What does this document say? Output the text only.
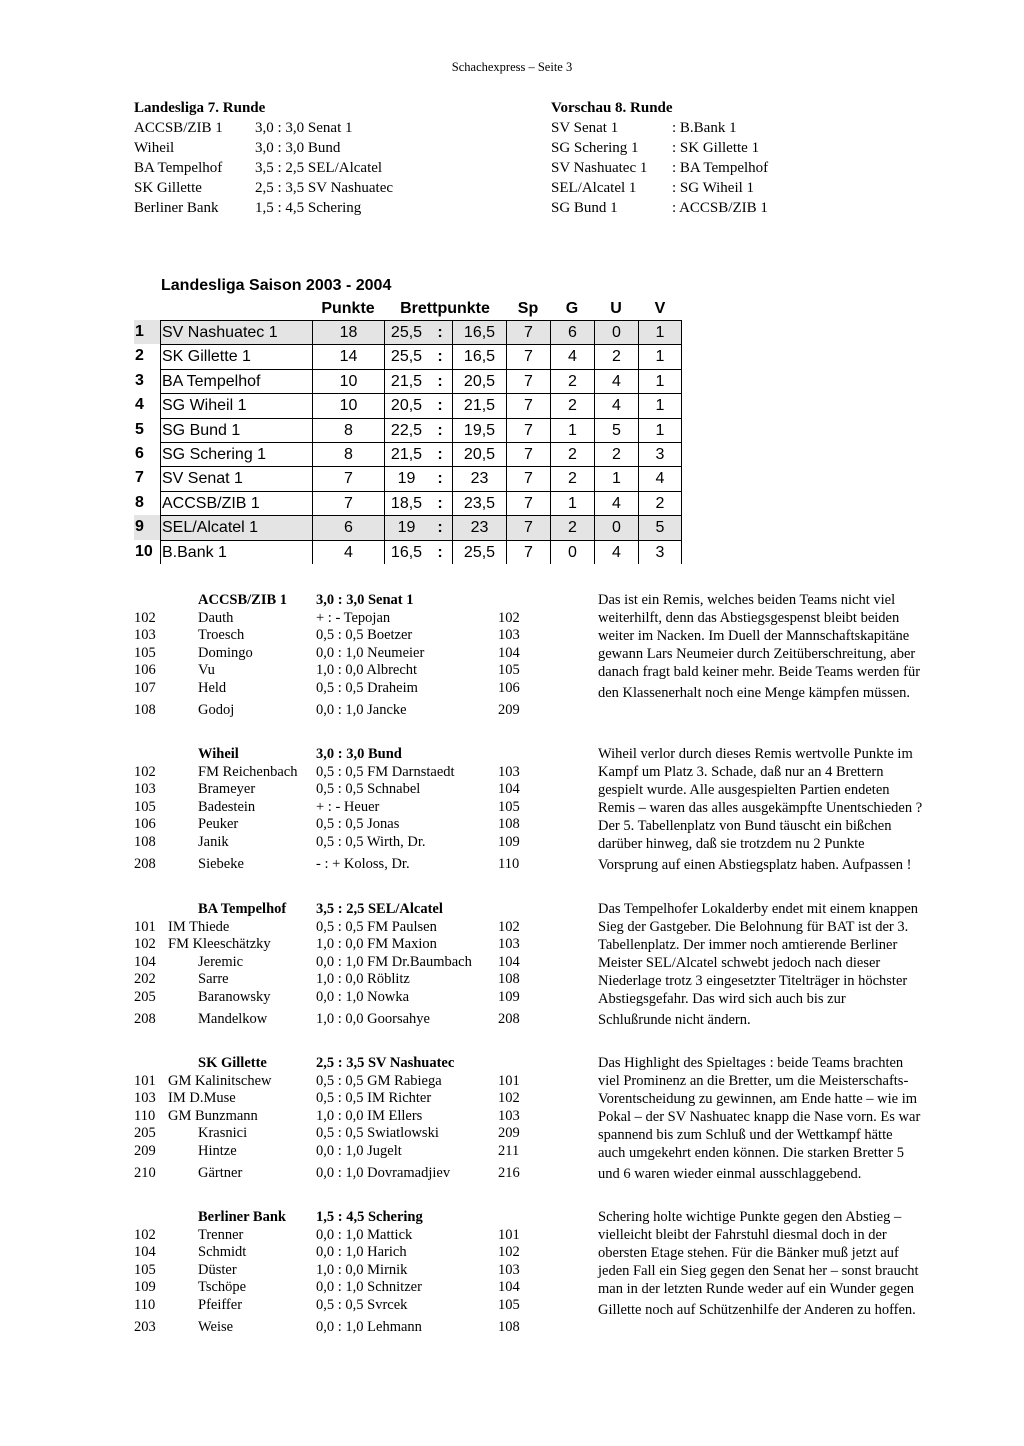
Schachexpress – Seite 3
Landesliga 7. Runde
ACCSB/ZIB 1 3,0 : 3,0 Senat 1
Wiheil	3,0 : 3,0 Bund
BA Tempelhof 3,5 : 2,5 SEL/Alcatel
SK Gillette	2,5 : 3,5 SV Nashuatec
Berliner Bank 1,5 : 4,5 Schering
Vorschau 8. Runde
SV Senat 1	: B.Bank 1
SG Schering 1 : SK Gillette 1
SV Nashuatec 1 : BA Tempelhof
SEL/Alcatel 1 : SG Wiheil 1
SG Bund 1	: ACCSB/ZIB 1
Landesliga Saison 2003 - 2004
Punkte	Brettpunkte	Sp	G	U	V
1	SV Nashuatec 1	18	25,5 :	16,5	7	6	0	1
2	SK Gillette 1	14	25,5 :	16,5	7	4	2	1
3	BA Tempelhof	10	21,5 :	20,5	7	2	4	1
4	SG Wiheil 1	10	20,5 :	21,5	7	2	4	1
5	SG Bund 1	8	22,5 :	19,5	7	1	5	1
6	SG Schering 1	8	21,5 :	20,5	7	2	2	3
7	SV Senat 1	7	19	:	23	7	2	1	4
8	ACCSB/ZIB 1	7	18,5 :	23,5	7	1	4	2
9	SEL/Alcatel 1	6	19	:	23	7	2	0	5
10 B.Bank 1	4	16,5 :	25,5	7	0	4	3
ACCSB/ZIB 1 3,0 : 3,0 Senat 1
102	Dauth	+ : - Tepojan	102
103	Troesch	0,5 : 0,5 Boetzer	103
105	Domingo	0,0 : 1,0 Neumeier	104
106	Vu	1,0 : 0,0 Albrecht	105
107	Held	0,5 : 0,5 Draheim	106
108	Godoj	0,0 : 1,0 Jancke	209
Das ist ein Remis, welches beiden Teams nicht viel
weiterhilft, denn das Abstiegsgespenst bleibt beiden
weiter im Nacken. Im Duell der Mannschaftskapitäne
gewann Lars Neumeier durch Zeitüberschreitung, aber
danach fragt bald keiner mehr. Beide Teams werden für
den Klassenerhalt noch eine Menge kämpfen müssen.
Wiheil	3,0 : 3,0 Bund
102	FM Reichenbach 0,5 : 0,5 FM Darnstaedt	103
103	Brameyer	0,5 : 0,5 Schnabel	104
105	Badestein	+ : - Heuer	105
106	Peuker	0,5 : 0,5 Jonas	108
108	Janik	0,5 : 0,5 Wirth, Dr.	109
208	Siebeke	- : + Koloss, Dr.	110
Wiheil verlor durch dieses Remis wertvolle Punkte im
Kampf um Platz 3. Schade, daß nur an 4 Brettern
gespielt wurde. Alle ausgespielten Partien endeten
Remis – waren das alles ausgekämpfte Unentschieden ?
Der 5. Tabellenplatz von Bund täuscht ein bißchen
darüber hinweg, daß sie trotzdem nu 2 Punkte
Vorsprung auf einen Abstiegsplatz haben. Aufpassen !
BA Tempelhof 3,5 : 2,5 SEL/Alcatel
101 IM Thiede	0,5 : 0,5 FM Paulsen	102
102 FM Kleeschätzky	1,0 : 0,0 FM Maxion	103
104	Jeremic	0,0 : 1,0 FM Dr.Baumbach 104
202	Sarre	1,0 : 0,0 Röblitz	108
205	Baranowsky	0,0 : 1,0 Nowka	109
208	Mandelkow	1,0 : 0,0 Goorsahye	208
Das Tempelhofer Lokalderby endet mit einem knappen
Sieg der Gastgeber. Die Belohnung für BAT ist der 3.
Tabellenplatz. Der immer noch amtierende Berliner
Meister SEL/Alcatel schwebt jedoch nach dieser
Niederlage trotz 3 eingesetzter Titelträger in höchster
Abstiegsgefahr. Das wird sich auch bis zur
Schlußrunde nicht ändern.
SK Gillette	2,5 : 3,5 SV Nashuatec
101 GM Kalinitschew	0,5 : 0,5 GM Rabiega	101
103 IM D.Muse	0,5 : 0,5 IM Richter	102
110 GM Bunzmann	1,0 : 0,0 IM Ellers	103
205	Krasnici	0,5 : 0,5 Swiatlowski	209
209	Hintze	0,0 : 1,0 Jugelt	211
210	Gärtner	0,0 : 1,0 Dovramadjiev	216
Das Highlight des Spieltages : beide Teams brachten
viel Prominenz an die Bretter, um die Meisterschafts-
Vorentscheidung zu gewinnen, am Ende hatte – wie im
Pokal – der SV Nashuatec knapp die Nase vorn. Es war
spannend bis zum Schluß und der Wettkampf hätte
auch umgekehrt enden können. Die starken Bretter 5
und 6 waren wieder einmal ausschlaggebend.
Berliner Bank 1,5 : 4,5 Schering
102	Trenner	0,0 : 1,0 Mattick	101
104	Schmidt	0,0 : 1,0 Harich	102
105	Düster	1,0 : 0,0 Mirnik	103
109	Tschöpe	0,0 : 1,0 Schnitzer	104
110	Pfeiffer	0,5 : 0,5 Svrcek	105
203	Weise	0,0 : 1,0 Lehmann	108
Schering holte wichtige Punkte gegen den Abstieg –
vielleicht bleibt der Fahrstuhl diesmal doch in der
obersten Etage stehen. Für die Bänker muß jetzt auf
jeden Fall ein Sieg gegen den Senat her – sonst braucht
man in der letzten Runde weder auf ein Wunder gegen
Gillette noch auf Schützenhilfe der Anderen zu hoffen.
